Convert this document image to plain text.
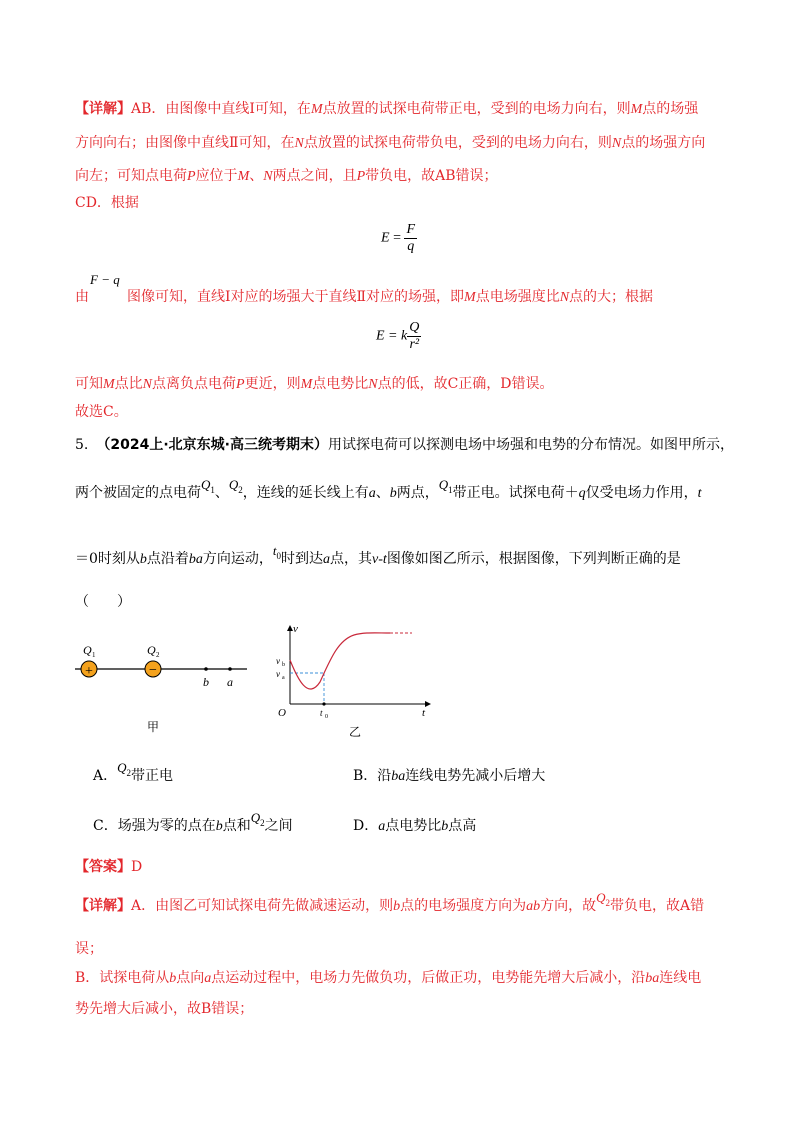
【详解】AB．由图像中直线Ⅰ可知，在M点放置的试探电荷带正电，受到的电场力向右，则M点的场强
方向向右；由图像中直线Ⅱ可知，在N点放置的试探电荷带负电，受到的电场力向右，则N点的场强方向
向左；可知点电荷P应位于M、N两点之间，且P带负电，故AB错误；
CD．根据
$E = \frac{F}{q}$
F − q
由	图像可知，直线Ⅰ对应的场强大于直线Ⅱ对应的场强，即M点电场强度比N点的大；根据
E = k $\frac{Q}{\text{r²}}$
可知M点比N点离负点电荷P更近，则M点电势比N点的低，故C正确，D错误。
故选C。
5. （2024上·北京东城·高三统考期末）用试探电荷可以探测电场中场强和电势的分布情况。如图甲所示，
两个被固定的点电荷$Q_1$、$Q_2$，连线的延长线上有a、b两点，$Q_1$带正电。试探电荷＋q仅受电场力作用，t
＝0时刻从b点沿着ba方向运动，$t_0$时到达a点，其v-t图像如图乙所示，根据图像，下列判断正确的是
（　　）
+	−
Q 1	Q 2
b a
甲
v
t
O
v b
v a
t 0
乙
A．$Q_2$带正电	B．沿ba连线电势先减小后增大
C．场强为零的点在b点和$Q_2$之间	D．a点电势比b点高
【答案】D
【详解】A．由图乙可知试探电荷先做减速运动，则b点的电场强度方向为ab方向，故$Q_2$带负电，故A错
误；
B．试探电荷从b点向a点运动过程中，电场力先做负功，后做正功，电势能先增大后减小，沿ba连线电
势先增大后减小，故B错误；
